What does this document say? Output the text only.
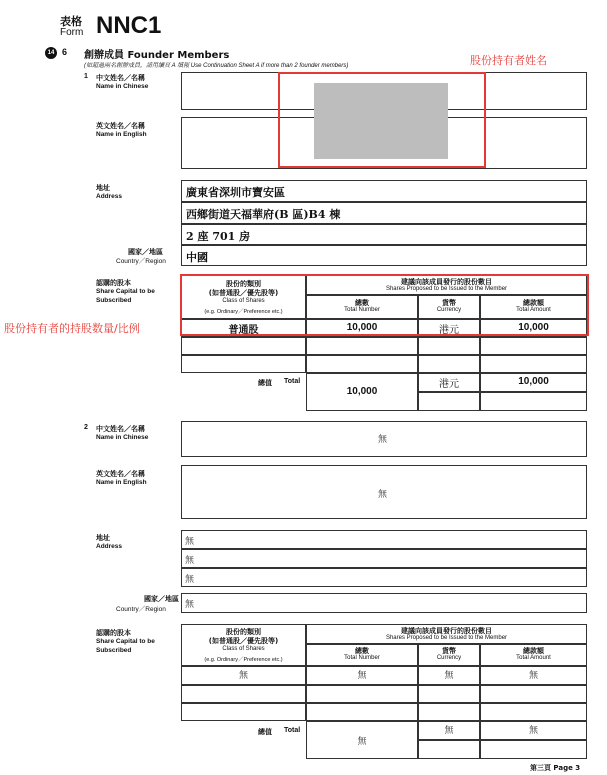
表格
Form NNC1
14 6 創辦成員 Founder Members
(如超過兩名創辦成員，請用續頁 A 填報 Use Continuation Sheet A if more than 2 founder members)	股份持有者姓名
1 中文姓名／名稱
Name in Chinese
英文姓名／名稱
Name in English
地址
Address	廣東省深圳市寶安區
西鄉街道天福華府(B 區)B4 棟
2 座 701 房
國家／地區
Country／Region 中國
認購的股本
Share Capital to be
Subscribed
股份持有者的持股数量/比例
股份的類別
(如普通股／優先股等)
Class of Shares
(e.g. Ordinary／Preference etc.)
建議向該成員發行的股份數目
Shares Proposed to be Issued to the Member
總數
Total Number
貨幣
Currency
總款額
Total Amount
普通股	10,000	港元	10,000
總值 Total
10,000
港元	10,000
2 中文姓名／名稱
Name in Chinese	無
英文姓名／名稱
Name in English
無
地址
Address	無
無
無
國家／地區
Country／Region 無
認購的股本
Share Capital to be
Subscribed
股份的類別
(如普通股／優先股等)
Class of Shares
(e.g. Ordinary／Preference etc.)
建議向該成員發行的股份數目
Shares Proposed to be Issued to the Member
總數
Total Number
貨幣
Currency
總款額
Total Amount
無	無	無	無
總值 Total
無
無	無
第三頁 Page 3
